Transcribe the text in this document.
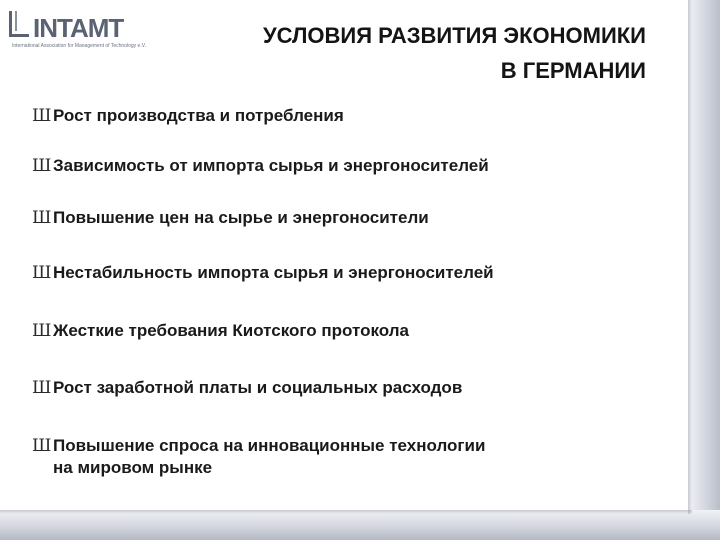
INTAMT
International Association for Management of Technology e.V.	УСЛОВИЯ РАЗВИТИЯ ЭКОНОМИКИ
В ГЕРМАНИИ
ШРост производства и потребления
ШЗависимость от импорта сырья и энергоносителей
ШПовышение цен на сырье и энергоносители
ШНестабильность импорта сырья и энергоносителей
ШЖесткие требования Киотского протокола
ШРост заработной платы и социальных расходов
ШПовышение спроса на инновационные технологии
на мировом рынке
